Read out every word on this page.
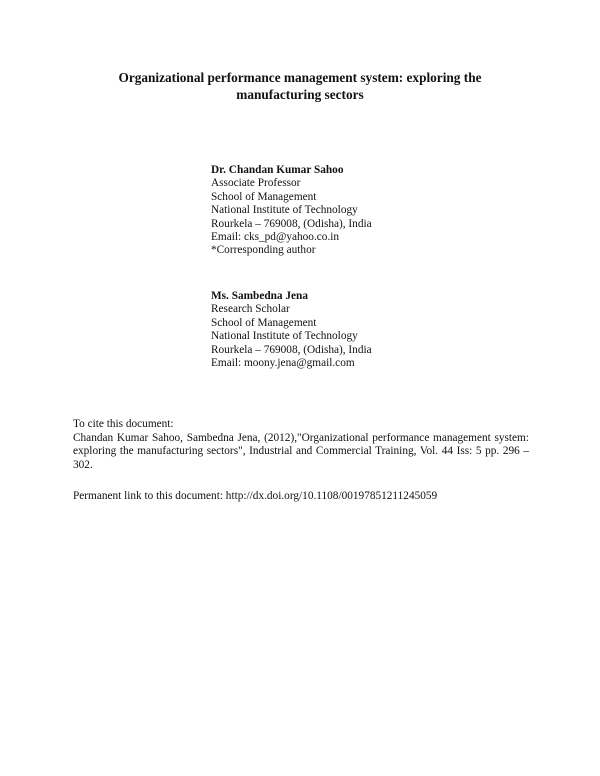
Organizational performance management system: exploring the
manufacturing sectors
Dr. Chandan Kumar Sahoo
Associate Professor
School of Management
National Institute of Technology
Rourkela – 769008, (Odisha), India
Email: cks_pd@yahoo.co.in
*Corresponding author
Ms. Sambedna Jena
Research Scholar
School of Management
National Institute of Technology
Rourkela – 769008, (Odisha), India
Email: moony.jena@gmail.com
To cite this document:
Chandan Kumar Sahoo, Sambedna Jena, (2012),"Organizational performance management system: exploring the manufacturing sectors", Industrial and Commercial Training, Vol. 44 Iss: 5 pp. 296 – 302.
Permanent link to this document: http://dx.doi.org/10.1108/00197851211245059
